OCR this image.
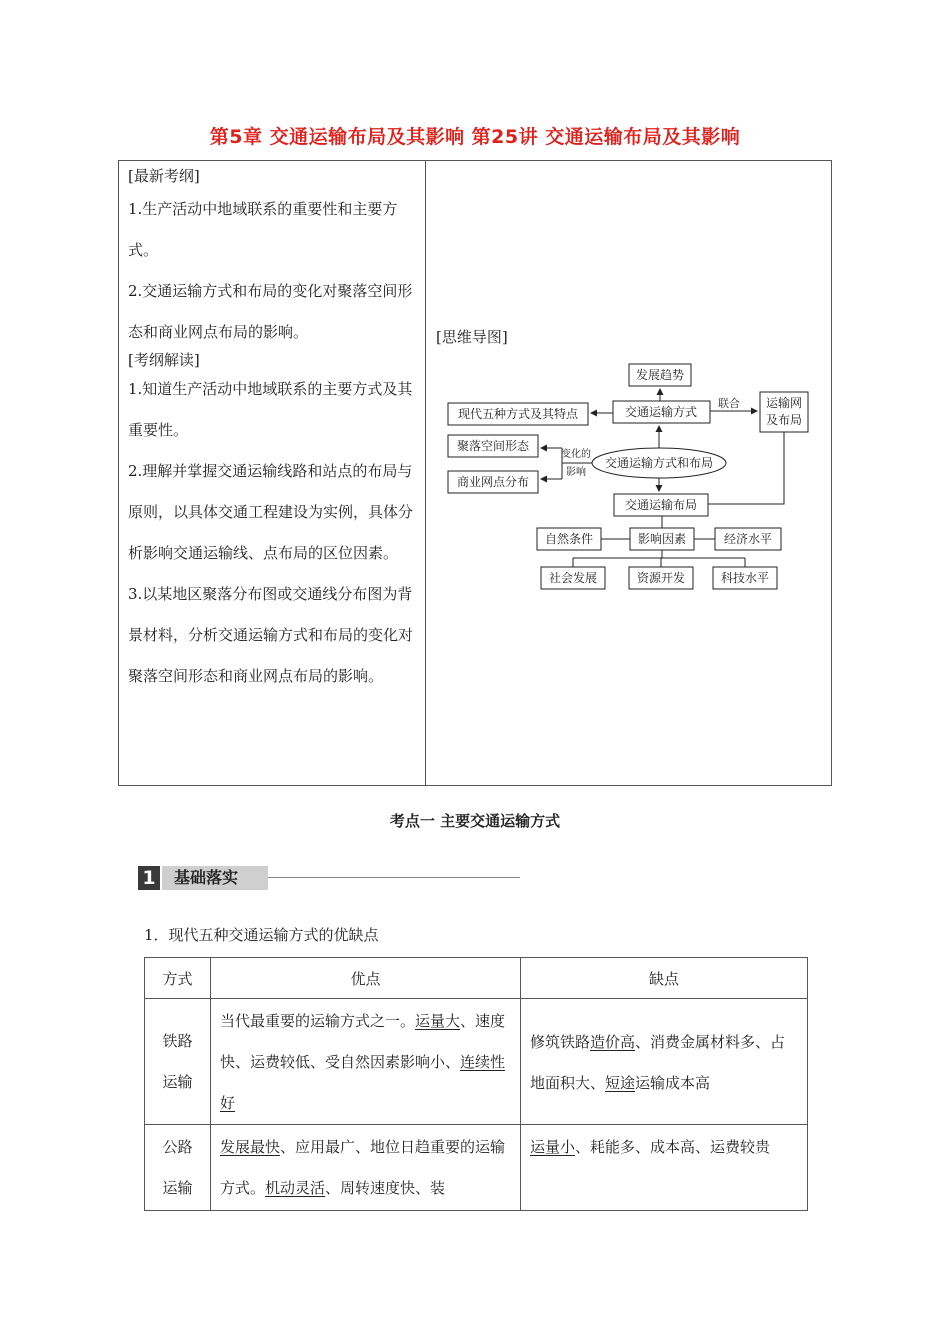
第5章 交通运输布局及其影响 第25讲 交通运输布局及其影响
[最新考纲]

1.生产活动中地域联系的重要性和主要方式。

2.交通运输方式和布局的变化对聚落空间形态和商业网点布局的影响。

[考纲解读]

1.知道生产活动中地域联系的主要方式及其重要性。

2.理解并掌握交通运输线路和站点的布局与原则，以具体交通工程建设为实例，具体分析影响交通运输线、点布局的区位因素。

3.以某地区聚落分布图或交通线分布图为背景材料，分析交通运输方式和布局的变化对聚落空间形态和商业网点布局的影响。

[思维导图]
发展趋势
现代五种方式及其特点	交通运输方式
联合 运输网
及布局
聚落空间形态
商业网点分布
变化的
影响
交通运输方式和布局
交通运输布局
自然条件	影响因素	经济水平
社会发展	资源开发	科技水平
考点一 主要交通运输方式
1	基础落实
1．现代五种交通运输方式的优缺点
方式	优点	缺点

铁路
运输	当代最重要的运输方式之一。运量大、速度快、运费较低、受自然因素影响小、连续性好	修筑铁路造价高、消费金属材料多、占地面积大、短途运输成本高

公路
运输	发展最快、应用最广、地位日趋重要的运输方式。机动灵活、周转速度快、装	运量小、耗能多、成本高、运费较贵
